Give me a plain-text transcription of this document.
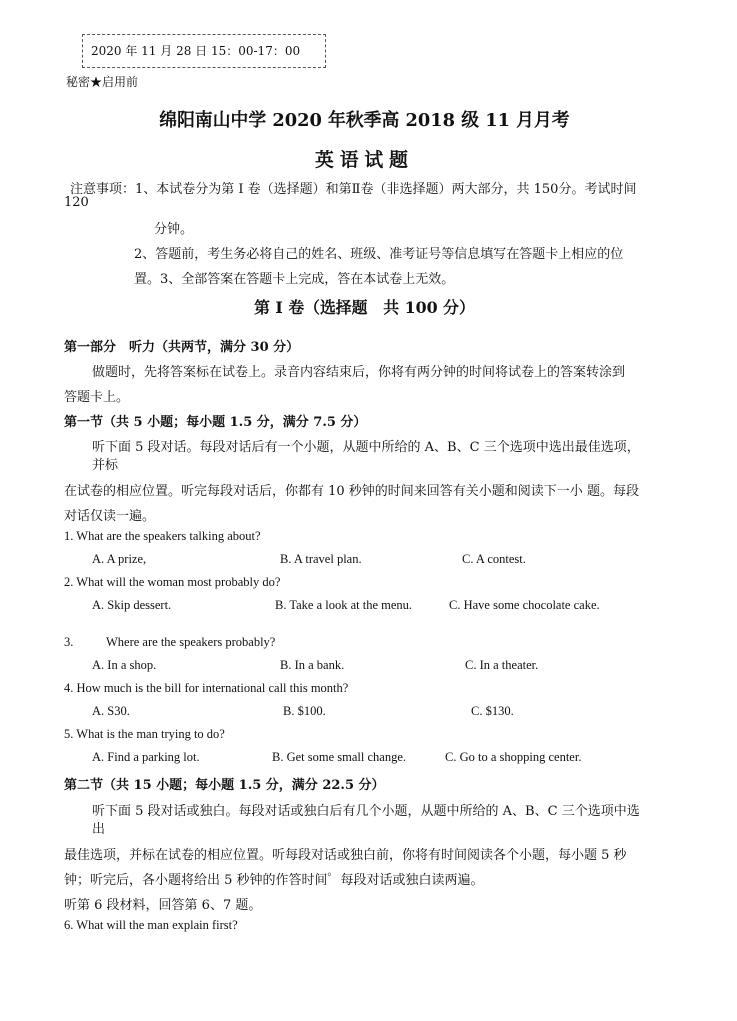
2020 年 11 月 28 日 15：00-17：00
秘密★启用前
绵阳南山中学 2020 年秋季高 2018 级 11 月月考
英语试题
注意事项：1、本试卷分为第 I 卷（选择题）和第Ⅱ卷（非选择题）两大部分，共 150分。考试时间
120
分钟。
2、答题前，考生务必将自己的姓名、班级、准考证号等信息填写在答题卡上相应的位
置。3、全部答案在答题卡上完成，答在本试卷上无效。
第 I 卷（选择题　共 100 分）
第一部分　听力（共两节，满分 30 分）
做题时，先将答案标在试卷上。录音内容结束后，你将有两分钟的时间将试卷上的答案转涂到
答题卡上。
第一节（共 5 小题；每小题 1.5 分，满分 7.5 分）
听下面 5 段对话。每段对话后有一个小题，从题中所给的 A、B、C 三个选项中选出最佳选项，
并标
在试卷的相应位置。听完每段对话后，你都有 10 秒钟的时间来回答有关小题和阅读下一小 题。每段
对话仅读一遍。
1. What are the speakers talking about?
A. A prize,	B. A travel plan.	C. A contest.
2. What will the woman most probably do?
A. Skip dessert.	B. Take a look at the menu.	C. Have some chocolate cake.
3.	Where are the speakers probably?
A. In a shop.	B. In a bank.	C. In a theater.
4. How much is the bill for international call this month?
A. S30.	B. $100.	C. $130.
5. What is the man trying to do?
A. Find a parking lot.	B. Get some small change.	C. Go to a shopping center.
第二节（共 15 小题；每小题 1.5 分，满分 22.5 分）
听下面 5 段对话或独白。每段对话或独白后有几个小题，从题中所给的 A、B、C 三个选项中选
出
最佳选项，并标在试卷的相应位置。听每段对话或独白前，你将有时间阅读各个小题，每小题 5 秒
钟；听完后，各小题将给出 5 秒钟的作答时间゜每段对话或独白读两遍。
听第 6 段材料，回答第 6、7 题。
6. What will the man explain first?
